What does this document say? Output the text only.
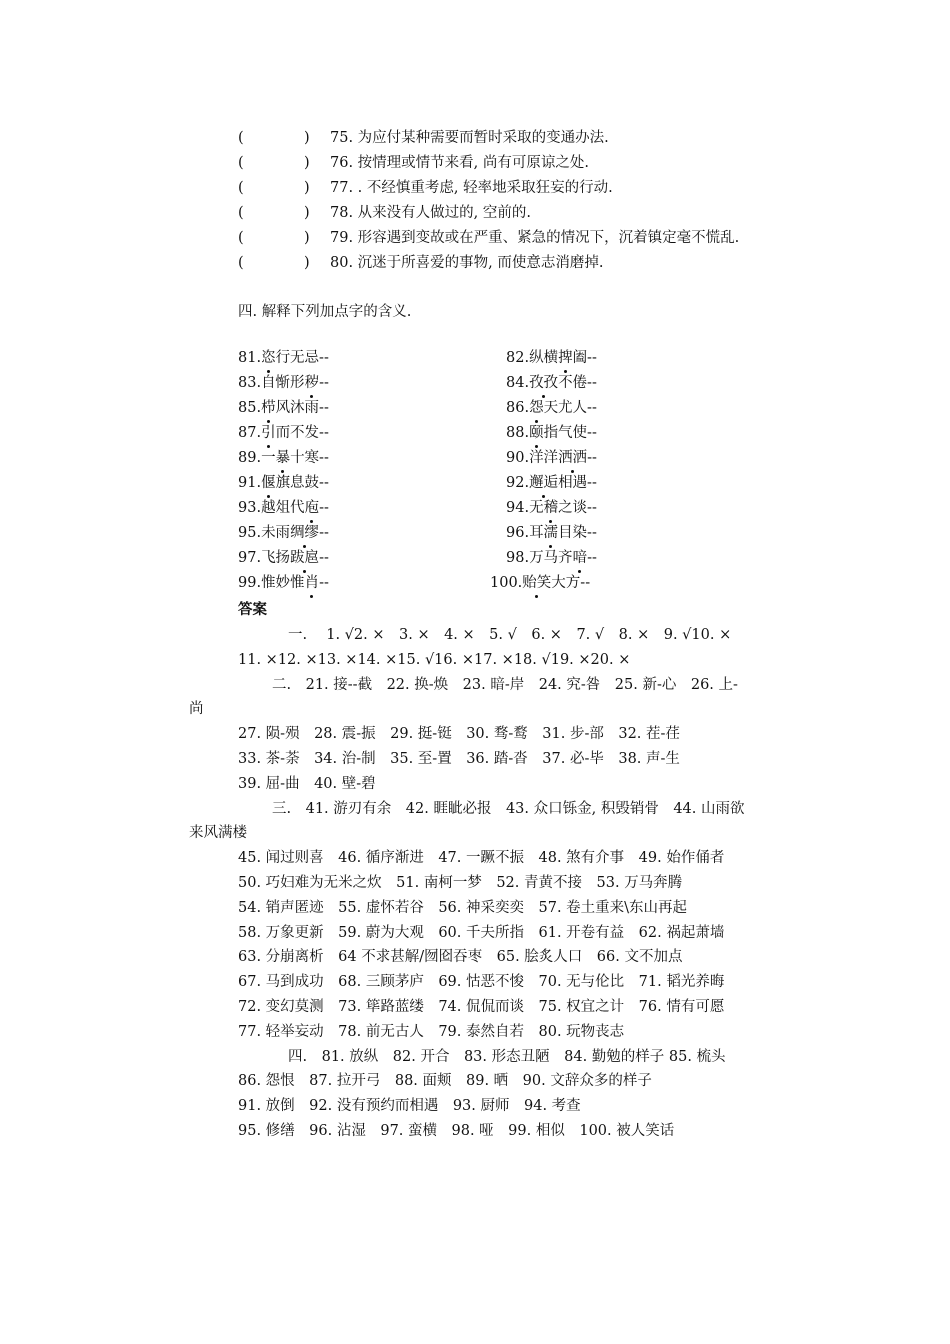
(	) 75. 为应付某种需要而暂时采取的变通办法.
(	) 76. 按情理或情节来看, 尚有可原谅之处.
(	) 77. . 不经慎重考虑, 轻率地采取狂妄的行动.
(	) 78. 从来没有人做过的, 空前的.
(	) 79. 形容遇到变故或在严重、紧急的情况下，沉着镇定毫不慌乱.
(	) 80. 沉迷于所喜爱的事物, 而使意志消磨掉.
四. 解释下列加点字的含义.
81.恣行无忌--	82.纵横捭阖--
83.自惭形秽--	84.孜孜不倦--
85.栉风沐雨--	86.怨天尤人--
87.引而不发--	88.颐指气使--
89.一暴十寒--	90.洋洋洒洒--
91.偃旗息鼓--	92.邂逅相遇--
93.越俎代庖--	94.无稽之谈--
95.未雨绸缪--	96.耳濡目染--
97.飞扬跋扈--	98.万马齐喑--
99.惟妙惟肖--	100.贻笑大方--
答案
一.　 1. √2. ×　3. ×　4. ×　5. √　6. ×　7. √　8. ×　9. √10. ×
11. ×12. ×13. ×14. ×15. √16. ×17. ×18. √19. ×20. ×
二.　21. 接--截　22. 换-焕　23. 暗-岸　24. 究-咎　25. 新-心　26. 上-
尚
27. 陨-殒　28. 震-振　29. 挺-铤　30. 骛-鹜　31. 步-部　32. 茬-荏
33. 茶-荼　34. 治-制　35. 至-置　36. 踏-沓　37. 必-毕　38. 声-生
39. 屈-曲　40. 壁-碧
三.　41. 游刃有余　42. 睚眦必报　43. 众口铄金, 积毁销骨　44. 山雨欲
来风满楼
45. 闻过则喜　46. 循序渐进　47. 一蹶不振　48. 煞有介事　49. 始作俑者
50. 巧妇难为无米之炊　51. 南柯一梦　52. 青黄不接　53. 万马奔腾
54. 销声匿迹　55. 虚怀若谷　56. 神采奕奕　57. 卷土重来\东山再起
58. 万象更新　59. 蔚为大观　60. 千夫所指　61. 开卷有益　62. 祸起萧墙
63. 分崩离析　64 不求甚解/囫囵吞枣　65. 脍炙人口　66. 文不加点
67. 马到成功　68. 三顾茅庐　69. 怙恶不悛　70. 无与伦比　71. 韬光养晦
72. 变幻莫测　73. 筚路蓝缕　74. 侃侃而谈　75. 权宜之计　76. 情有可愿
77. 轻举妄动　78. 前无古人　79. 泰然自若　80. 玩物丧志
四.　81. 放纵　82. 开合　83. 形态丑陋　84. 勤勉的样子 85. 梳头
86. 怨恨　87. 拉开弓　88. 面颊　89. 晒　90. 文辞众多的样子
91. 放倒　92. 没有预约而相遇　93. 厨师　94. 考查
95. 修缮　96. 沾湿　97. 蛮横　98. 哑　99. 相似　100. 被人笑话
